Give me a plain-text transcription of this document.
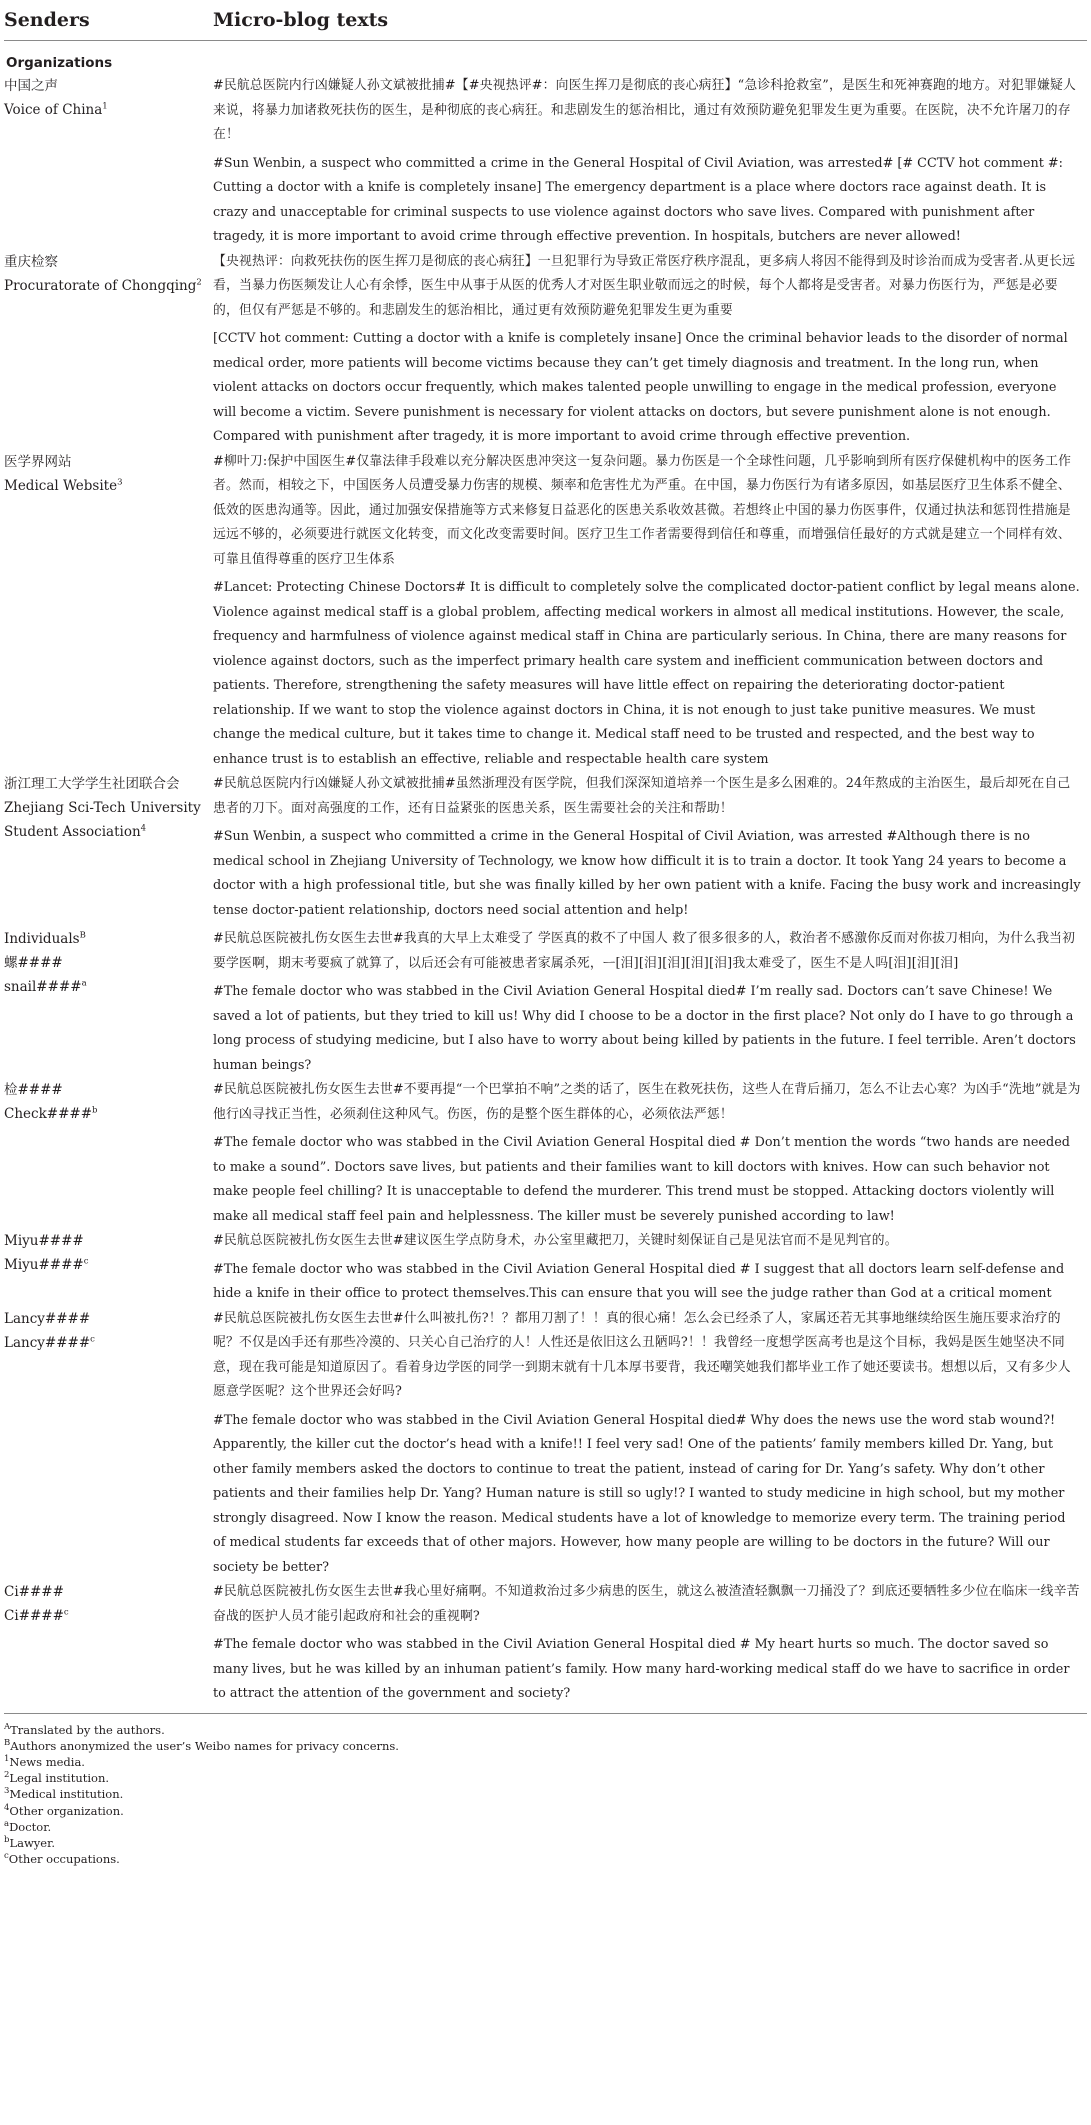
Senders	Micro-blog texts
Organizations
中国之声
Voice of China$^1$

#民航总医院内行凶嫌疑人孙文斌被批捕#【#央视热评#：向医生挥刀是彻底的丧心病狂】“急诊科抢救室”，是医生和死神赛跑的地方。对犯罪嫌疑人来说，将暴力加诸救死扶伤的医生，是种彻底的丧心病狂。和悲剧发生的惩治相比，通过有效预防避免犯罪发生更为重要。在医院，决不允许屠刀的存在！

#Sun Wenbin, a suspect who committed a crime in the General Hospital of Civil Aviation, was arrested# [# CCTV hot comment #: Cutting a doctor with a knife is completely insane] The emergency department is a place where doctors race against death. It is crazy and unacceptable for criminal suspects to use violence against doctors who save lives. Compared with punishment after tragedy, it is more important to avoid crime through effective prevention. In hospitals, butchers are never allowed!

重庆检察
Procuratorate of Chongqing$^2$

【央视热评：向救死扶伤的医生挥刀是彻底的丧心病狂】一旦犯罪行为导致正常医疗秩序混乱，更多病人将因不能得到及时诊治而成为受害者.从更长远看，当暴力伤医频发让人心有余悸，医生中从事于从医的优秀人才对医生职业敬而远之的时候，每个人都将是受害者。对暴力伤医行为，严惩是必要的，但仅有严惩是不够的。和悲剧发生的惩治相比，通过更有效预防避免犯罪发生更为重要

[CCTV hot comment: Cutting a doctor with a knife is completely insane] Once the criminal behavior leads to the disorder of normal medical order, more patients will become victims because they can’t get timely diagnosis and treatment. In the long run, when violent attacks on doctors occur frequently, which makes talented people unwilling to engage in the medical profession, everyone will become a victim. Severe punishment is necessary for violent attacks on doctors, but severe punishment alone is not enough. Compared with punishment after tragedy, it is more important to avoid crime through effective prevention.

医学界网站
Medical Website$^3$

#柳叶刀:保护中国医生#仅靠法律手段难以充分解决医患冲突这一复杂问题。暴力伤医是一个全球性问题，几乎影响到所有医疗保健机构中的医务工作者。然而，相较之下，中国医务人员遭受暴力伤害的规模、频率和危害性尤为严重。在中国，暴力伤医行为有诸多原因，如基层医疗卫生体系不健全、低效的医患沟通等。因此，通过加强安保措施等方式来修复日益恶化的医患关系收效甚微。若想终止中国的暴力伤医事件，仅通过执法和惩罚性措施是远远不够的，必须要进行就医文化转变，而文化改变需要时间。医疗卫生工作者需要得到信任和尊重，而增强信任最好的方式就是建立一个同样有效、可靠且值得尊重的医疗卫生体系

#Lancet: Protecting Chinese Doctors# It is difficult to completely solve the complicated doctor-patient conflict by legal means alone. Violence against medical staff is a global problem, affecting medical workers in almost all medical institutions. However, the scale, frequency and harmfulness of violence against medical staff in China are particularly serious. In China, there are many reasons for violence against doctors, such as the imperfect primary health care system and inefficient communication between doctors and patients. Therefore, strengthening the safety measures will have little effect on repairing the deteriorating doctor-patient relationship. If we want to stop the violence against doctors in China, it is not enough to just take punitive measures. We must change the medical culture, but it takes time to change it. Medical staff need to be trusted and respected, and the best way to enhance trust is to establish an effective, reliable and respectable health care system

浙江理工大学学生社团联合会
Zhejiang Sci-Tech University
Student Association$^4$

#民航总医院内行凶嫌疑人孙文斌被批捕#虽然浙理没有医学院，但我们深深知道培养一个医生是多么困难的。24年熬成的主治医生，最后却死在自己患者的刀下。面对高强度的工作，还有日益紧张的医患关系，医生需要社会的关注和帮助！

#Sun Wenbin, a suspect who committed a crime in the General Hospital of Civil Aviation, was arrested #Although there is no medical school in Zhejiang University of Technology, we know how difficult it is to train a doctor. It took Yang 24 years to become a doctor with a high professional title, but she was finally killed by her own patient with a knife. Facing the busy work and increasingly tense doctor-patient relationship, doctors need social attention and help!

Individuals$^B$
螺####
snail####$^a$

#民航总医院被扎伤女医生去世#我真的大早上太难受了 学医真的救不了中国人 救了很多很多的人，救治者不感激你反而对你拔刀相向，为什么我当初要学医啊，期末考要疯了就算了，以后还会有可能被患者家属杀死，ᅳ[泪][泪][泪][泪][泪]我太难受了，医生不是人吗[泪][泪][泪]

#The female doctor who was stabbed in the Civil Aviation General Hospital died# I’m really sad. Doctors can’t save Chinese! We saved a lot of patients, but they tried to kill us! Why did I choose to be a doctor in the first place? Not only do I have to go through a long process of studying medicine, but I also have to worry about being killed by patients in the future. I feel terrible. Aren’t doctors human beings?

检####
Check####$^b$

#民航总医院被扎伤女医生去世#不要再提“一个巴掌拍不响”之类的话了，医生在救死扶伤，这些人在背后捅刀，怎么不让去心寒？为凶手“洗地”就是为他行凶寻找正当性，必须刹住这种风气。伤医，伤的是整个医生群体的心，必须依法严惩！

#The female doctor who was stabbed in the Civil Aviation General Hospital died # Don’t mention the words “two hands are needed to make a sound”. Doctors save lives, but patients and their families want to kill doctors with knives. How can such behavior not make people feel chilling? It is unacceptable to defend the murderer. This trend must be stopped. Attacking doctors violently will make all medical staff feel pain and helplessness. The killer must be severely punished according to law!

Miyu####
Miyu####$^c$

#民航总医院被扎伤女医生去世#建议医生学点防身术，办公室里藏把刀，关键时刻保证自己是见法官而不是见判官的。

#The female doctor who was stabbed in the Civil Aviation General Hospital died # I suggest that all doctors learn self-defense and hide a knife in their office to protect themselves.This can ensure that you will see the judge rather than God at a critical moment

Lancy####
Lancy####$^c$

#民航总医院被扎伤女医生去世#什么叫被扎伤?！？都用刀割了！！真的很心痛！怎么会已经杀了人，家属还若无其事地继续给医生施压要求治疗的呢？不仅是凶手还有那些冷漠的、只关心自己治疗的人！人性还是依旧这么丑陋吗?！！我曾经一度想学医高考也是这个目标，我妈是医生她坚决不同意，现在我可能是知道原因了。看着身边学医的同学一到期末就有十几本厚书要背，我还嘲笑她我们都毕业工作了她还要读书。想想以后，又有多少人愿意学医呢？这个世界还会好吗?

#The female doctor who was stabbed in the Civil Aviation General Hospital died# Why does the news use the word stab wound?! Apparently, the killer cut the doctor’s head with a knife!! I feel very sad! One of the patients’ family members killed Dr. Yang, but other family members asked the doctors to continue to treat the patient, instead of caring for Dr. Yang’s safety. Why don’t other patients and their families help Dr. Yang? Human nature is still so ugly!? I wanted to study medicine in high school, but my mother strongly disagreed. Now I know the reason. Medical students have a lot of knowledge to memorize every term. The training period of medical students far exceeds that of other majors. However, how many people are willing to be doctors in the future? Will our society be better?

Ci####
Ci####$^c$

#民航总医院被扎伤女医生去世#我心里好痛啊。不知道救治过多少病患的医生，就这么被渣渣轻飘飘一刀捅没了？到底还要牺牲多少位在临床一线辛苦奋战的医护人员才能引起政府和社会的重视啊?

#The female doctor who was stabbed in the Civil Aviation General Hospital died # My heart hurts so much. The doctor saved so many lives, but he was killed by an inhuman patient’s family. How many hard-working medical staff do we have to sacrifice in order to attract the attention of the government and society?

$^A$Translated by the authors.
$^B$Authors anonymized the user’s Weibo names for privacy concerns.
$^1$News media.
$^2$Legal institution.
$^3$Medical institution.
$^4$Other organization.
$^a$Doctor.
$^b$Lawyer.
$^c$Other occupations.
